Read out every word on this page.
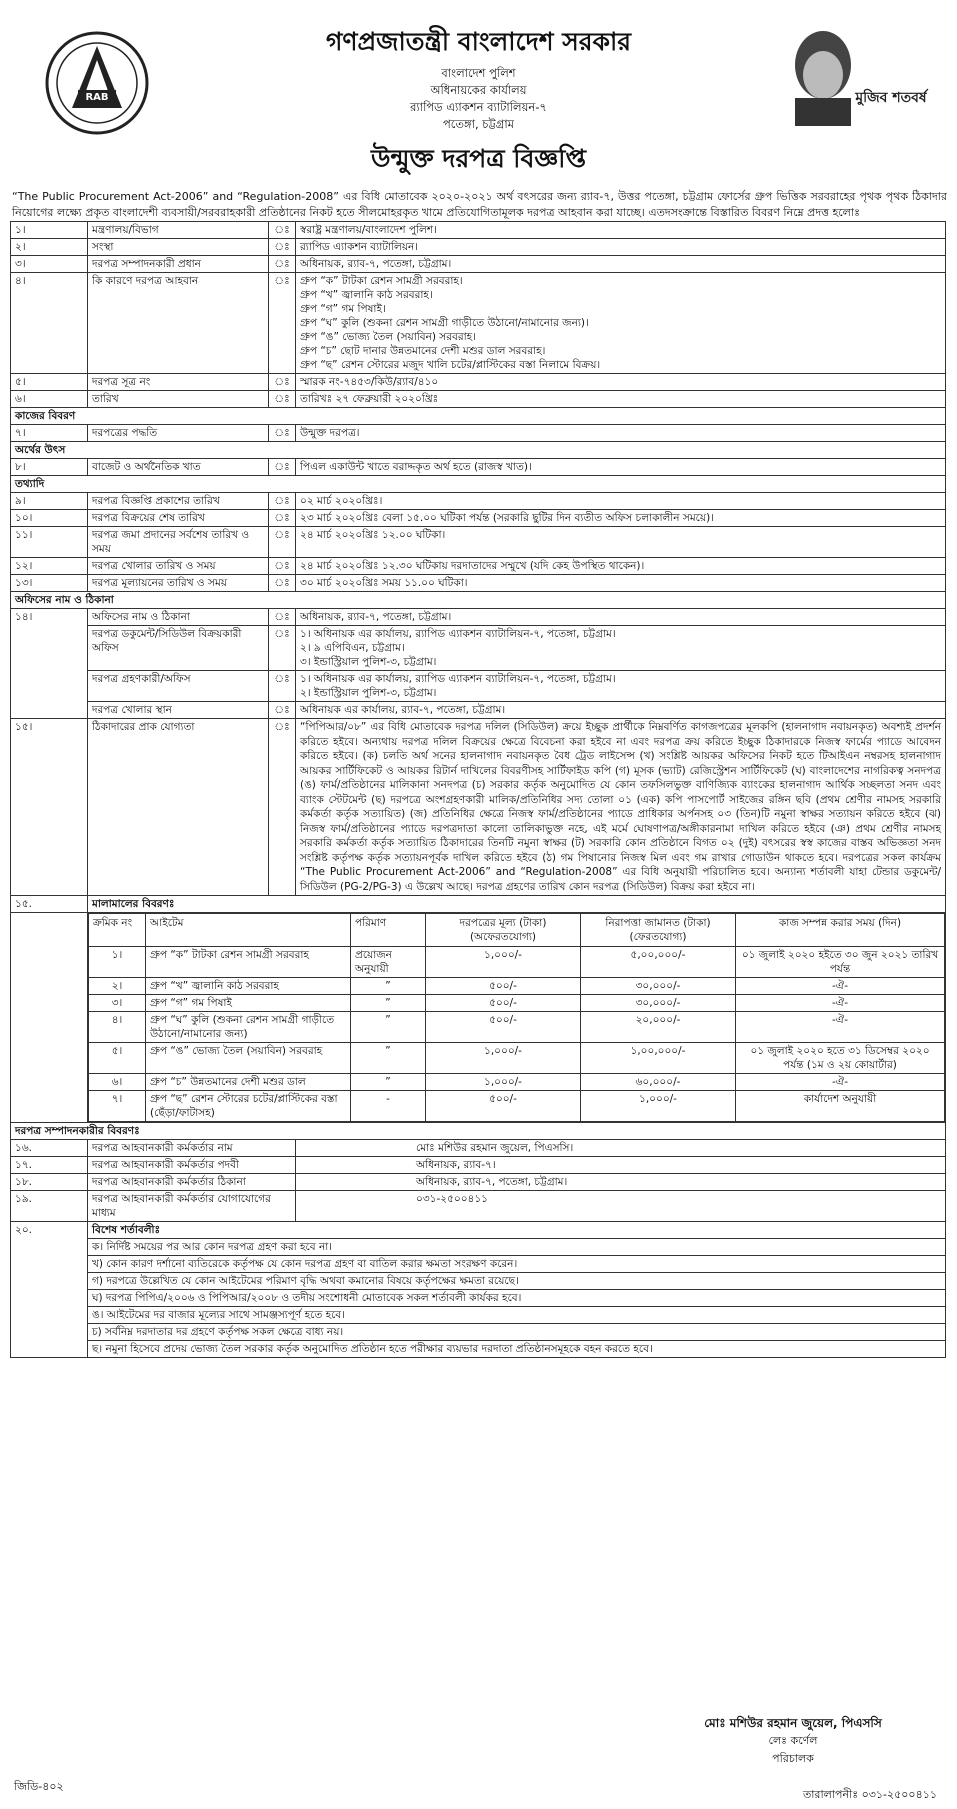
RAB	মুজিব শতবর্ষ
গণপ্রজাতন্ত্রী বাংলাদেশ সরকার
বাংলাদেশ পুলিশ
অধিনায়কের কার্যালয়
র‍্যাপিড এ্যাকশন ব্যাটালিয়ন-৭
পতেঙ্গা, চট্টগ্রাম
উন্মুক্ত দরপত্র বিজ্ঞপ্তি
“The Public Procurement Act-2006” and “Regulation-2008” এর বিধি মোতাবেক ২০২০-২০২১ অর্থ বৎসরের জন্য র‍্যাব-৭, উত্তর পতেঙ্গা, চট্টগ্রাম ফোর্সের গ্রুপ ভিত্তিক সরবরাহের পৃথক পৃথক ঠিকাদার নিয়োগের লক্ষ্যে প্রকৃত বাংলাদেশী ব্যবসায়ী/সরবরাহকারী প্রতিষ্ঠানের নিকট হতে সীলমোহরকৃত খামে প্রতিযোগিতামূলক দরপত্র আহবান করা যাচ্ছে। এতদসংক্রান্তে বিস্তারিত বিবরণ নিম্নে প্রদত্ত হলোঃ
১।	মন্ত্রণালয়/বিভাগ	ঃ	স্বরাষ্ট্র মন্ত্রণালয়/বাংলাদেশ পুলিশ।
২।	সংস্থা	ঃ	র‍্যাপিড এ্যাকশন ব্যাটালিয়ন।
৩।	দরপত্র সম্পাদনকারী প্রধান	ঃ	অধিনায়ক, র‍্যাব-৭, পতেঙ্গা, চট্টগ্রাম।
৪।	কি কারণে দরপত্র আহবান	ঃ	গ্রুপ “ক” টাটকা রেশন সামগ্রী সরবরাহ।
গ্রুপ “খ” জ্বালানি কাঠ সরবরাহ।
গ্রুপ “গ” গম পিষাই।
গ্রুপ “ঘ” কুলি (শুকনা রেশন সামগ্রী গাড়ীতে উঠানো/নামানোর জন্য)।
গ্রুপ “ঙ” ভোজ্য তৈল (সয়াবিন) সরবরাহ।
গ্রুপ “চ” ছোট দানার উন্নতমানের দেশী মশুর ডাল সরবরাহ।
গ্রুপ “ছ” রেশন স্টোরের মজুদ খালি চটের/প্লাস্টিকের বস্তা নিলামে বিক্রয়।

৫।	দরপত্র সূত্র নং	ঃ	স্মারক নং-৭৪৫৩/কিউ/র‍্যাব/৪১০
৬।	তারিখ	ঃ	তারিখঃ ২৭ ফেব্রুয়ারী ২০২০খ্রিঃ
কাজের বিবরণ
৭।	দরপত্রের পদ্ধতি	ঃ	উন্মুক্ত দরপত্র।
অর্থের উৎস
৮।	বাজেট ও অর্থনৈতিক খাত	ঃ	পিএল একাউন্ট খাতে বরাদ্দকৃত অর্থ হতে (রাজস্ব খাত)।
তথ্যাদি
৯।	দরপত্র বিজ্ঞপ্তি প্রকাশের তারিখ	ঃ	০২ মার্চ ২০২০খ্রিঃ।
১০।	দরপত্র বিক্রয়ের শেষ তারিখ	ঃ	২৩ মার্চ ২০২০খ্রিঃ বেলা ১৫.০০ ঘটিকা পর্যন্ত (সরকারি ছুটির দিন ব্যতীত অফিস চলাকালীন সময়ে)।
১১।	দরপত্র জমা প্রদানের সর্বশেষ তারিখ ও সময়	ঃ	২৪ মার্চ ২০২০খ্রিঃ ১২.০০ ঘটিকা।
১২।	দরপত্র খোলার তারিখ ও সময়	ঃ	২৪ মার্চ ২০২০খ্রিঃ ১২.৩০ ঘটিকায় দরদাতাদের সম্মুখে (যদি কেহ উপস্থিত থাকেন)।
১৩।	দরপত্র মূল্যায়নের তারিখ ও সময়	ঃ	৩০ মার্চ ২০২০খ্রিঃ সময় ১১.০০ ঘটিকা।
অফিসের নাম ও ঠিকানা
১৪।	অফিসের নাম ও ঠিকানা	ঃ	অধিনায়ক, র‍্যাব-৭, পতেঙ্গা, চট্টগ্রাম।
দরপত্র ডকুমেন্ট/সিডিউল বিক্রয়কারী অফিস	ঃ	১। অধিনায়ক এর কার্যালয়, র‍্যাপিড এ্যাকশন ব্যাটালিয়ন-৭, পতেঙ্গা, চট্টগ্রাম।
২। ৯ এপিবিএন, চট্টগ্রাম।
৩। ইন্ডাস্ট্রিয়াল পুলিশ-৩, চট্টগ্রাম।

দরপত্র গ্রহণকারী/অফিস	ঃ	১। অধিনায়ক এর কার্যালয়, র‍্যাপিড এ্যাকশন ব্যাটালিয়ন-৭, পতেঙ্গা, চট্টগ্রাম।
২। ইন্ডাস্ট্রিয়াল পুলিশ-৩, চট্টগ্রাম।

দরপত্র খোলার স্থান	ঃ	অধিনায়ক এর কার্যালয়, র‍্যাব-৭, পতেঙ্গা, চট্টগ্রাম।
১৫।	ঠিকাদারের প্রাক যোগ্যতা	ঃ	“পিপিআর/০৮” এর বিধি মোতাবেক দরপত্র দলিল (সিডিউল) ক্রয়ে ইচ্ছুক প্রার্থীকে নিম্নবর্ণিত কাগজপত্রের মূলকপি (হালনাগাদ নবায়নকৃত) অবশ্যই প্রদর্শন করিতে হইবে। অন্যথায় দরপত্র দলিল বিক্রয়ের ক্ষেত্রে বিবেচনা করা হইবে না এবং দরপত্র ক্রয় করিতে ইচ্ছুক ঠিকাদারকে নিজস্ব ফার্মের প্যাডে আবেদন করিতে হইবে। (ক) চলতি অর্থ সনের হালনাগাদ নবায়নকৃত বৈধ ট্রেড লাইসেন্স (খ) সংশ্লিষ্ট আয়কর অফিসের নিকট হতে টিআইএন নম্বরসহ হালনাগাদ আয়কর সার্টিফিকেট ও আয়কর রিটার্ন দাখিলের বিবরণীসহ সার্টিফাইড কপি (গ) মূসক (ভ্যাট) রেজিস্ট্রেশন সার্টিফিকেট (ঘ) বাংলাদেশের নাগরিকত্ব সনদপত্র (ঙ) ফার্ম/প্রতিষ্ঠানের মালিকানা সনদপত্র (চ) সরকার কর্তৃক অনুমোদিত যে কোন তফসিলভুক্ত বাণিজ্যিক ব্যাংকের হালনাগাদ আর্থিক সচ্ছলতা সনদ এবং ব্যাংক স্টেটমেন্ট (ছ) দরপত্রে অংশগ্রহণকারী মালিক/প্রতিনিধির সদ্য তোলা ০১ (এক) কপি পাসপোর্ট সাইজের রঙ্গিন ছবি (প্রথম শ্রেণীর নামসহ সরকারি কর্মকর্তা কর্তৃক সত্যায়িত) (জ) প্রতিনিধির ক্ষেত্রে নিজস্ব ফার্ম/প্রতিষ্ঠানের প্যাডে প্রাধিকার অর্পনসহ ০৩ (তিন)টি নমুনা স্বাক্ষর সত্যায়ন করিতে হইবে (ঝ) নিজস্ব ফার্ম/প্রতিষ্ঠানের প্যাডে দরপত্রদাতা কালো তালিকাভুক্ত নহে, এই মর্মে ঘোষণাপত্র/অঙ্গীকারনামা দাখিল করিতে হইবে (ঞ) প্রথম শ্রেণীর নামসহ সরকারি কর্মকর্তা কর্তৃক সত্যায়িত ঠিকাদারের তিনটি নমুনা স্বাক্ষর (ট) সরকারি কোন প্রতিষ্ঠানে বিগত ০২ (দুই) বৎসরের স্বস্ব কাজের বাস্তব অভিজ্ঞতা সনদ সংশ্লিষ্ট কর্তৃপক্ষ কর্তৃক সত্যায়নপূর্বক দাখিল করিতে হইবে (ঠ) গম পিষানোর নিজস্ব মিল এবং গম রাখার গোডাউন থাকতে হবে। দরপত্রের সকল কার্যক্রম “The Public Procurement Act-2006” and “Regulation-2008” এর বিধি অনুযায়ী পরিচালিত হবে। অন্যান্য শর্তাবলী যাহা টেন্ডার ডকুমেন্ট/সিডিউল (PG-2/PG-3) এ উল্লেখ আছে। দরপত্র গ্রহণের তারিখ কোন দরপত্র (সিডিউল) বিক্রয় করা হইবে না।
১৫.	মালামালের বিবরণঃ

ক্রমিক নং	আইটেম	পরিমাণ	দরপত্রের মূল্য (টাকা) (অফেরতযোগ্য)	নিরাপত্তা জামানত (টাকা) (ফেরতযোগ্য)	কাজ সম্পন্ন করার সময় (দিন)
১।	গ্রুপ “ক” টাটকা রেশন সামগ্রী সরবরাহ	প্রয়োজন অনুযায়ী	১,০০০/-	৫,০০,০০০/-	০১ জুলাই ২০২০ হইতে ৩০ জুন ২০২১ তারিখ পর্যন্ত
২।	গ্রুপ “খ” জ্বালানি কাঠ সরবরাহ	”	৫০০/-	৩০,০০০/-	-ঐ-
৩।	গ্রুপ “গ” গম পিষাই	”	৫০০/-	৩০,০০০/-	-ঐ-
৪।	গ্রুপ “ঘ” কুলি (শুকনা রেশন সামগ্রী গাড়ীতে উঠানো/নামানোর জন্য)	”	৫০০/-	২০,০০০/-	-ঐ-
৫।	গ্রুপ “ঙ” ভোজ্য তৈল (সয়াবিন) সরবরাহ	”	১,০০০/-	১,০০,০০০/-	০১ জুলাই ২০২০ হতে ৩১ ডিসেম্বর ২০২০ পর্যন্ত (১ম ও ২য় কোয়ার্টার)
৬।	গ্রুপ “চ” উন্নতমানের দেশী মশুর ডাল	”	১,০০০/-	৬০,০০০/-	-ঐ-
৭।	গ্রুপ “ছ” রেশন স্টোরের চটের/প্লাস্টিকের বস্তা (ছেঁড়া/ফাটাসহ)	-	৫০০/-	১,০০০/-	কার্যাদেশ অনুযায়ী

দরপত্র সম্পাদনকারীর বিবরণঃ
১৬.	দরপত্র আহবানকারী কর্মকর্তার নাম	মোঃ মশিউর রহমান জুয়েল, পিএসসি।
১৭.	দরপত্র আহবানকারী কর্মকর্তার পদবী	অধিনায়ক, র‍্যাব-৭।
১৮.	দরপত্র আহবানকারী কর্মকর্তার ঠিকানা	অধিনায়ক, র‍্যাব-৭, পতেঙ্গা, চট্টগ্রাম।
১৯.	দরপত্র আহবানকারী কর্মকর্তার যোগাযোগের মাধ্যম	০৩১-২৫০০৪১১
২০.	বিশেষ শর্তাবলীঃ
ক। নির্দিষ্ট সময়ের পর আর কোন দরপত্র গ্রহণ করা হবে না।
খ) কোন কারণ দর্শানো ব্যতিরেকে কর্তৃপক্ষ যে কোন দরপত্র গ্রহণ বা বাতিল করার ক্ষমতা সংরক্ষণ করেন।
গ) দরপত্রে উল্লেখিত যে কোন আইটেমের পরিমাণ বৃদ্ধি অথবা কমানোর বিষয়ে কর্তৃপক্ষের ক্ষমতা রয়েছে।
ঘ) দরপত্র পিপিএ/২০০৬ ও পিপিআর/২০০৮ ও তদীয় সংশোধনী মোতাবেক সকল শর্তাবলী কার্যকর হবে।
ঙ। আইটেমের দর বাজার মূল্যের সাথে সামঞ্জস্যপূর্ণ হতে হবে।
চ) সর্বনিম্ন দরদাতার দর গ্রহণে কর্তৃপক্ষ সকল ক্ষেত্রে বাধ্য নয়।
ছ। নমুনা হিসেবে প্রদেয় ভোজ্য তৈল সরকার কর্তৃক অনুমোদিত প্রতিষ্ঠান হতে পরীক্ষার ব্যয়ভার দরদাতা প্রতিষ্ঠানসমূহকে বহন করতে হবে।
মোঃ মশিউর রহমান জুয়েল, পিএসসি
লেঃ কর্ণেল
পরিচালক
জিডি-৪০২
তারালাপনীঃ ০৩১-২৫০০৪১১
